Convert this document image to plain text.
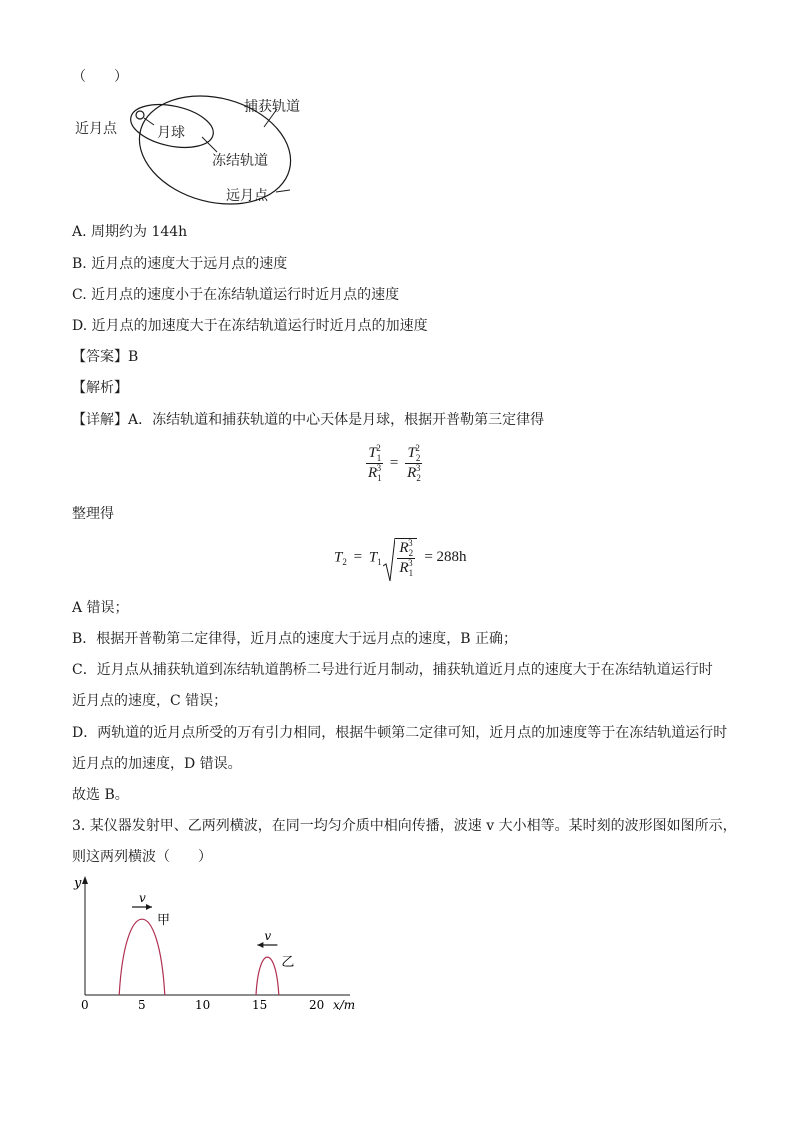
（　　）
近月点	月球
捕获轨道
冻结轨道
远月点
A. 周期约为 144h
B. 近月点的速度大于远月点的速度
C. 近月点的速度小于在冻结轨道运行时近月点的速度
D. 近月点的加速度大于在冻结轨道运行时近月点的加速度
【答案】B
【解析】
【详解】A．冻结轨道和捕获轨道的中心天体是月球，根据开普勒第三定律得
$\frac{T_1^2}{R_1^3} = \frac{T_2^2}{R_2^3}$
整理得
$T_2 = T_1 \frac{R_2^3}{R_1^3} = 288h$
A 错误；
B．根据开普勒第二定律得，近月点的速度大于远月点的速度，B 正确；
C．近月点从捕获轨道到冻结轨道鹊桥二号进行近月制动，捕获轨道近月点的速度大于在冻结轨道运行时
近月点的速度，C 错误；
D．两轨道的近月点所受的万有引力相同，根据牛顿第二定律可知，近月点的加速度等于在冻结轨道运行时
近月点的加速度，D 错误。
故选 B。
3. 某仪器发射甲、乙两列横波，在同一均匀介质中相向传播，波速 v 大小相等。某时刻的波形图如图所示，
则这两列横波（　　）
y
x/m
0	5	10	15	20
v
甲
v
乙
